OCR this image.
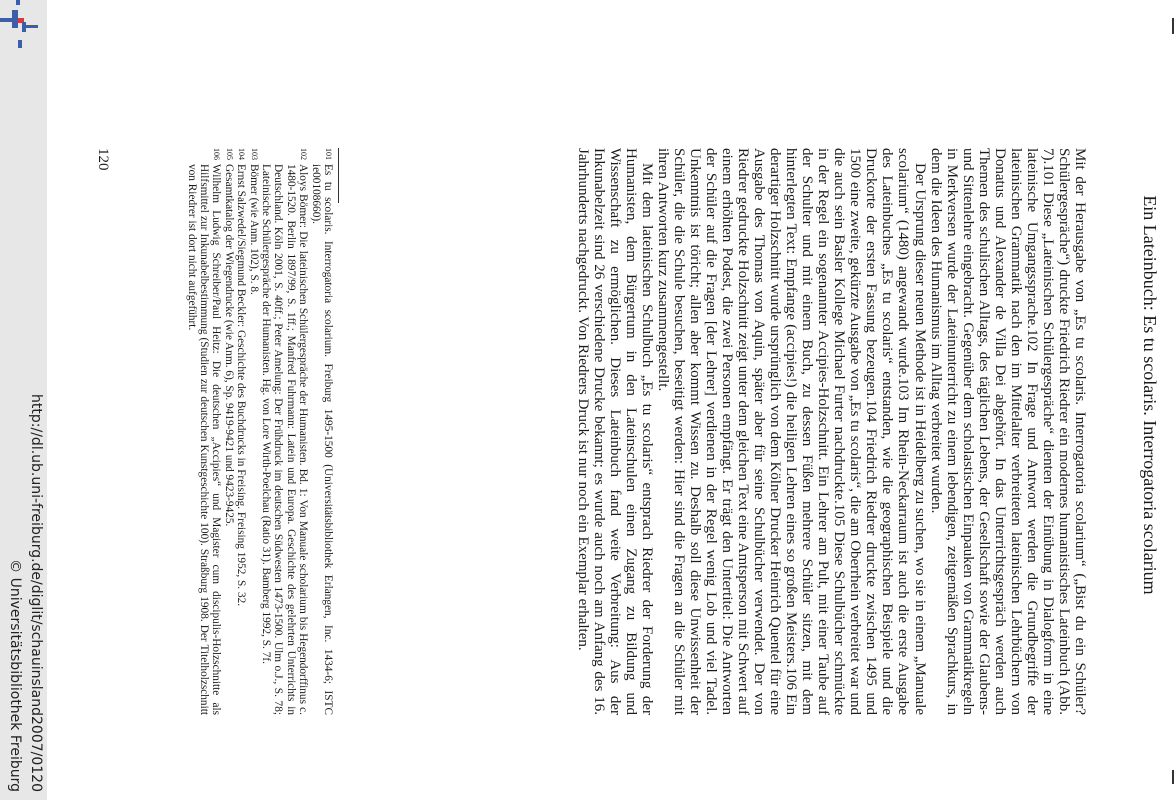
http://dl.ub.uni-freiburg.de/diglit/schauinsland2007/0120
© Universitätsbibliothek Freiburg
Ein Lateinbuch: Es tu scolaris. Interrogatoria scolarium

Mit der Herausgabe von „Es tu scolaris. Interrogatoria scolarium“ („Bist du ein Schüler? Schülergespräche“) druckte Friedrich Riedrer ein modernes humanistisches Lateinbuch (Abb. 7).101 Diese „Lateinischen Schülergespräche“ dienten der Einübung in Dialogform in eine lateinische Umgangssprache.102 In Frage und Antwort werden die Grundbegriffe der lateinischen Grammatik nach den im Mittelalter verbreiteten lateinischen Lehrbüchern von Donatus und Alexander de Villa Dei abgehört. In das Unterrichtsgespräch werden auch Themen des schulischen Alltags, des täglichen Lebens, der Gesellschaft sowie der Glaubens- und Sittenlehre eingebracht. Gegenüber dem scholastischen Einpauken von Grammatikregeln in Merkversen wurde der Lateinunterricht zu einem lebendigen, zeitgemäßen Sprachkurs, in dem die Ideen des Humanismus im Alltag verbreitet wurden.

Der Ursprung dieser neuen Methode ist in Heidelberg zu suchen, wo sie in einem „Manuale scolarium“ (1480) angewandt wurde.103 Im Rhein-Neckarraum ist auch die erste Ausgabe des Lateinbuches „Es tu scolaris“ entstanden, wie die geographischen Beispiele und die Druckorte der ersten Fassung bezeugen.104 Friedrich Riedrer druckte zwischen 1495 und 1500 eine zweite, gekürzte Ausgabe von „Es tu scolaris“, die am Oberrhein verbreitet war und die auch sein Basler Kollege Michael Furter nachdruckte.105 Diese Schulbücher schmückte in der Regel ein sogenannter Accipies-Holzschnitt. Ein Lehrer am Pult, mit einer Taube auf der Schulter und mit einem Buch, zu dessen Füßen mehrere Schüler sitzen, mit dem hinterlegten Text: Empfange (accipies!) die heiligen Lehren eines so großen Meisters.106 Ein derartiger Holzschnitt wurde ursprünglich von dem Kölner Drucker Heinrich Quentel für eine Ausgabe des Thomas von Aquin, später aber für seine Schulbücher verwendet. Der von Riedrer gedruckte Holzschnitt zeigt unter dem gleichen Text eine Amtsperson mit Schwert auf einem erhöhten Podest, die zwei Personen empfängt. Er trägt den Untertitel: Die Antworten der Schüler auf die Fragen [der Lehrer] verdienen in der Regel wenig Lob und viel Tadel. Unkenntnis ist töricht; allen aber kommt Wissen zu. Deshalb soll diese Unwissenheit der Schüler, die die Schule besuchen, beseitigt werden: Hier sind die Fragen an die Schüler mit ihren Antworten kurz zusammengestellt.

Mit dem lateinischen Schulbuch „Es tu scolaris“ entsprach Riedrer der Forderung der Humanisten, dem Bürgertum in den Lateinschulen einen Zugang zu Bildung und Wissenschaft zu ermöglichen. Dieses Lateinbuch fand weite Verbreitung: Aus der Inkunabelzeit sind 26 verschiedene Drucke bekannt; es wurde auch noch am Anfang des 16. Jahrhunderts nachgedruckt. Von Riedrers Druck ist nur noch ein Exemplar erhalten.

101Es tu scolaris. Interrogatoria scolarium. Freiburg 1495-1500 (Universitätsbibliothek Erlangen, Inc. 1434-6; ISTC ie00108660).
102Aloys Bömer: Die lateinischen Schülergespräche der Humanisten. Bd. 1: Von Manuale scholarium bis Hegendorffinus c. 1480-1520. Berlin 1897/99, S. 1ff.; Manfred Fuhrmann: Latein und Europa. Geschichte des gelehrten Unterrichts in Deutschland. Köln 2001, S. 40ff.; Peter Amelung: Der Frühdruck im deutschen Südwesten 1473-1500. Ulm o.J., S. 78; Lateinische Schülergespräche der Humanisten. Hg. von Lore Wirth-Poelchau (Ratio 31). Bamberg 1992, S. 7f.
103Bömer (wie Anm. 102), S. 8.
104Ernst Salzwedel/Siegmund Beckler: Geschichte des Buchdrucks in Freising. Freising 1952, S. 32.
105Gesamtkatalog der Wiegendrucke (wie Anm. 6), Sp. 9419-9421 und 9423-9425.
106Wilhelm Ludwig Schreiber/Paul Heitz: Die deutschen „Accipies“ und Magister cum discipulis-Holzschnitte als Hilfsmittel zur Inkunabelbestimmung (Studien zur deutschen Kunstgeschichte 100). Straßburg 1908. Der Titelholzschnitt von Riedrer ist dort nicht aufgeführt.
120
